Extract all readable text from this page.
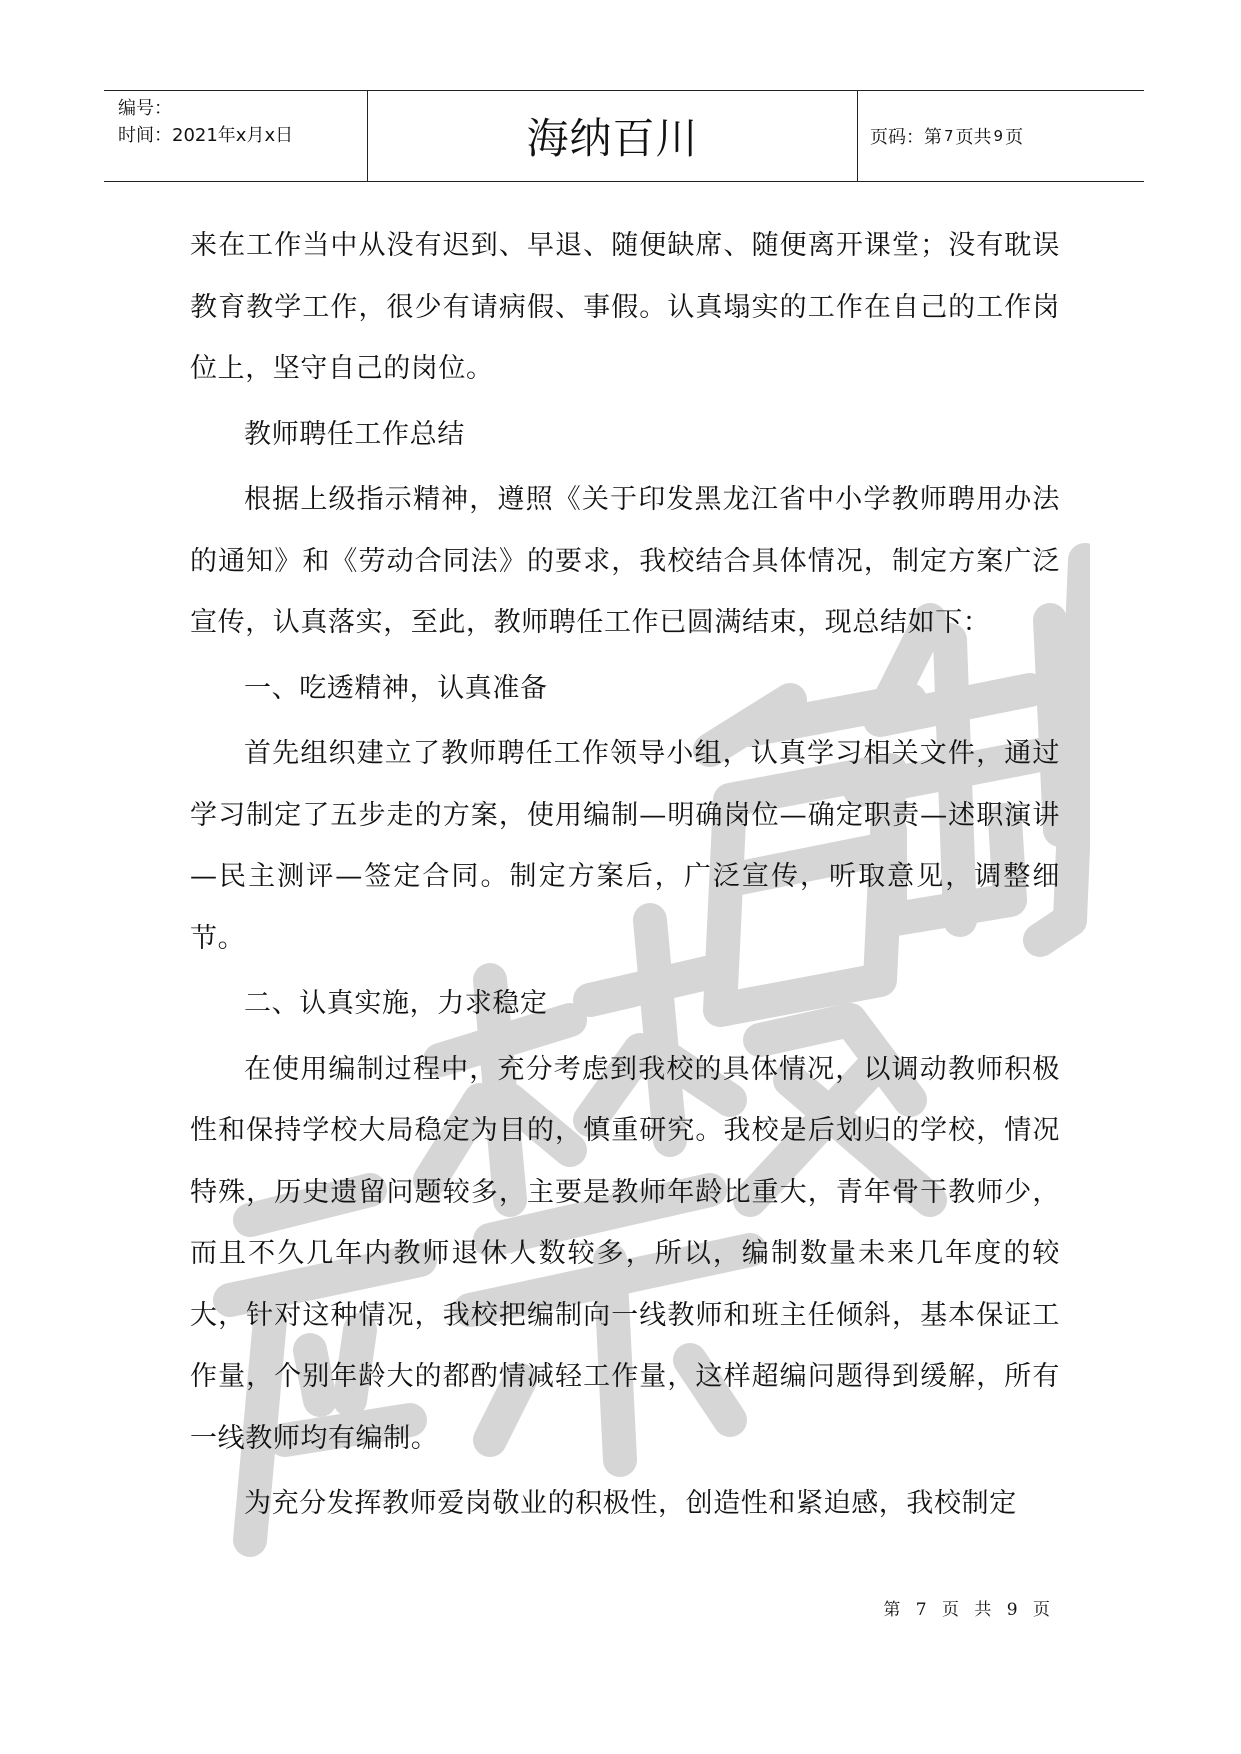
编号：
时间：2021年x月x日	海纳百川	页码：第 7 页共 9 页

来在工作当中从没有迟到、早退、随便缺席、随便离开课堂；没有耽误教育教学工作，很少有请病假、事假。认真塌实的工作在自己的工作岗位上，坚守自己的岗位。

教师聘任工作总结

根据上级指示精神，遵照《关于印发黑龙江省中小学教师聘用办法的通知》和《劳动合同法》的要求，我校结合具体情况，制定方案广泛宣传，认真落实，至此，教师聘任工作已圆满结束，现总结如下：

一、吃透精神，认真准备

首先组织建立了教师聘任工作领导小组，认真学习相关文件，通过学习制定了五步走的方案，使用编制—明确岗位—确定职责—述职演讲—民主测评—签定合同。制定方案后，广泛宣传，听取意见，调整细节。

二、认真实施，力求稳定

在使用编制过程中，充分考虑到我校的具体情况，以调动教师积极性和保持学校大局稳定为目的，慎重研究。我校是后划归的学校，情况特殊，历史遗留问题较多，主要是教师年龄比重大，青年骨干教师少，而且不久几年内教师退休人数较多，所以，编制数量未来几年度的较大，针对这种情况，我校把编制向一线教师和班主任倾斜，基本保证工作量，个别年龄大的都酌情减轻工作量，这样超编问题得到缓解，所有一线教师均有编制。

为充分发挥教师爱岗敬业的积极性，创造性和紧迫感，我校制定

第 7 页 共 9 页
